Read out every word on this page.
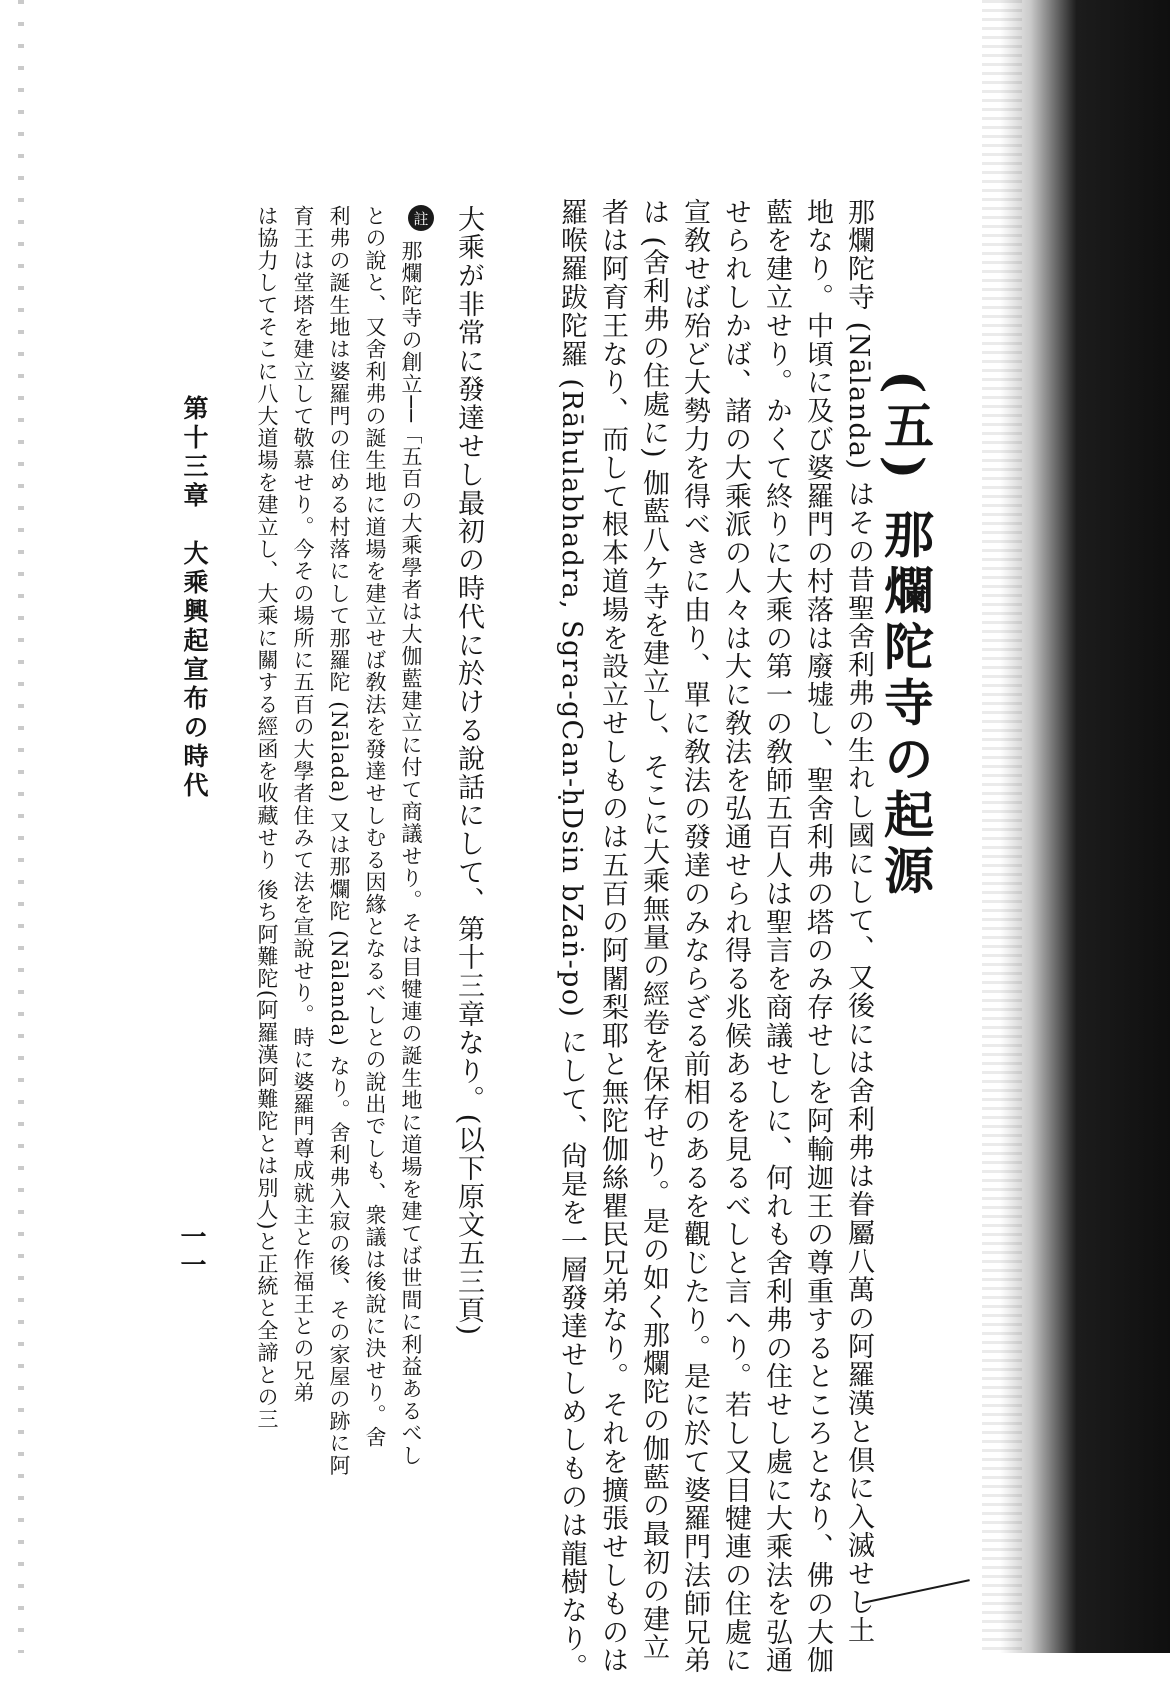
(五) 那爛陀寺の起源
那爛陀寺 (Nālanda) はその昔聖舍利弗の生れし國にして、又後には舍利弗は眷屬八萬の阿羅漢と倶に入滅せし土
地なり。中頃に及び婆羅門の村落は廢墟し、聖舍利弗の塔のみ存せしを阿輸迦王の尊重するところとなり、佛の大伽
藍を建立せり。かくて終りに大乘の第一の敎師五百人は聖言を商議せしに、何れも舍利弗の住せし處に大乘法を弘通
せられしかば、諸の大乘派の人々は大に敎法を弘通せられ得る兆候あるを見るべしと言へり。若し又目犍連の住處に
宣敎せば殆ど大勢力を得べきに由り、單に敎法の發達のみならざる前相のあるを觀じたり。是に於て婆羅門法師兄弟
は (舍利弗の住處に) 伽藍八ケ寺を建立し、そこに大乘無量の經卷を保存せり。是の如く那爛陀の伽藍の最初の建立
者は阿育王なり、而して根本道場を設立せしものは五百の阿闍梨耶と無陀伽絲瞿民兄弟なり。それを擴張せしものは
羅喉羅跋陀羅 (Rāhulabhadra, Sgra-gCan-ḥDsin bZaṅ-po) にして、尙是を一層發達せしめしものは龍樹なり。
大乘が非常に發達せし最初の時代に於ける說話にして、第十三章なり。(以下原文五三頁)
註
那爛陀寺の創立──「五百の大乘學者は大伽藍建立に付て商議せり。そは目犍連の誕生地に道場を建てば世間に利益あるべし
との說と、又舍利弗の誕生地に道場を建立せば敎法を發達せしむる因緣となるべしとの說出でしも、衆議は後說に決せり。舍
利弗の誕生地は婆羅門の住める村落にして那羅陀 (Nālada) 又は那爛陀 (Nālanda) なり。舍利弗入寂の後、その家屋の跡に阿
育王は堂塔を建立して敬慕せり。今その場所に五百の大學者住みて法を宣說せり。時に婆羅門尊成就主と作福王との兄弟
は協力してそこに八大道場を建立し、大乘に關する經函を收藏せり 後ち阿難陀(阿羅漢阿難陀とは別人)と正統と全諦との三
第十三章　大乘興起宣布の時代
一一
